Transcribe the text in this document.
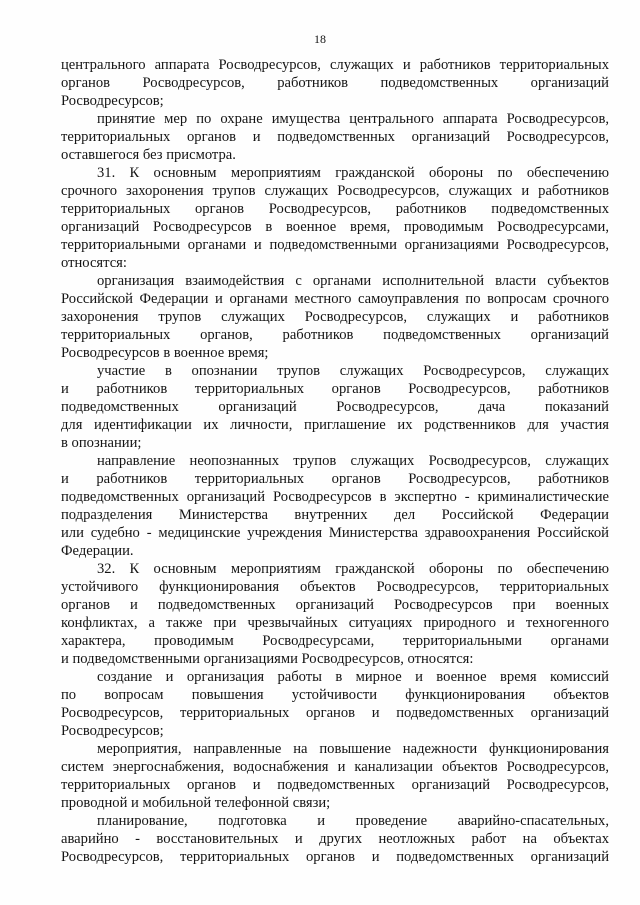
18
центрального аппарата Росводресурсов, служащих и работников территориальных
органов Росводресурсов, работников подведомственных организаций
Росводресурсов;
принятие мер по охране имущества центрального аппарата Росводресурсов,
территориальных органов и подведомственных организаций Росводресурсов,
оставшегося без присмотра.
31. К основным мероприятиям гражданской обороны по обеспечению
срочного захоронения трупов служащих Росводресурсов, служащих и работников
территориальных органов Росводресурсов, работников подведомственных
организаций Росводресурсов в военное время, проводимым Росводресурсами,
территориальными органами и подведомственными организациями Росводресурсов,
относятся:
организация взаимодействия с органами исполнительной власти субъектов
Российской Федерации и органами местного самоуправления по вопросам срочного
захоронения трупов служащих Росводресурсов, служащих и работников
территориальных органов, работников подведомственных организаций
Росводресурсов в военное время;
участие в опознании трупов служащих Росводресурсов, служащих
и работников территориальных органов Росводресурсов, работников
подведомственных организаций Росводресурсов, дача показаний
для идентификации их личности, приглашение их родственников для участия
в опознании;
направление неопознанных трупов служащих Росводресурсов, служащих
и работников территориальных органов Росводресурсов, работников
подведомственных организаций Росводресурсов в экспертно - криминалистические
подразделения Министерства внутренних дел Российской Федерации
или судебно - медицинские учреждения Министерства здравоохранения Российской
Федерации.
32. К основным мероприятиям гражданской обороны по обеспечению
устойчивого функционирования объектов Росводресурсов, территориальных
органов и подведомственных организаций Росводресурсов при военных
конфликтах, а также при чрезвычайных ситуациях природного и техногенного
характера, проводимым Росводресурсами, территориальными органами
и подведомственными организациями Росводресурсов, относятся:
создание и организация работы в мирное и военное время комиссий
по вопросам повышения устойчивости функционирования объектов
Росводресурсов, территориальных органов и подведомственных организаций
Росводресурсов;
мероприятия, направленные на повышение надежности функционирования
систем энергоснабжения, водоснабжения и канализации объектов Росводресурсов,
территориальных органов и подведомственных организаций Росводресурсов,
проводной и мобильной телефонной связи;
планирование, подготовка и проведение аварийно-спасательных,
аварийно - восстановительных и других неотложных работ на объектах
Росводресурсов, территориальных органов и подведомственных организаций
